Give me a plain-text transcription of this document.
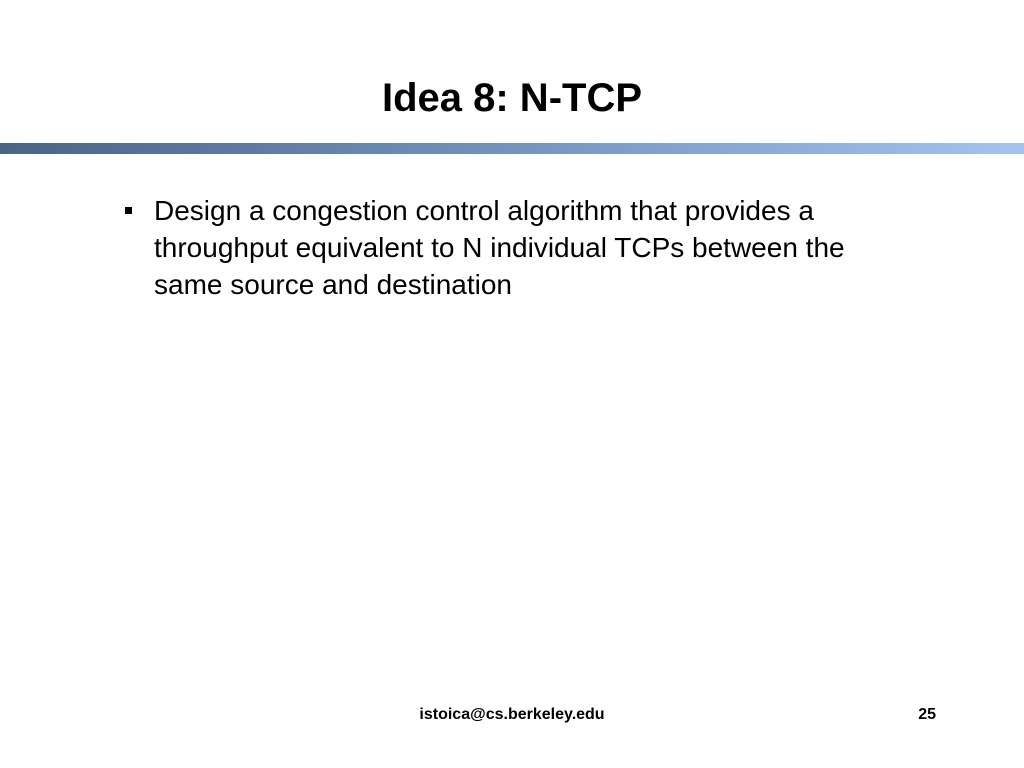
Idea 8: N-TCP
Design a congestion control algorithm that provides a throughput equivalent to N individual TCPs between the same source and destination
istoica@cs.berkeley.edu	25
